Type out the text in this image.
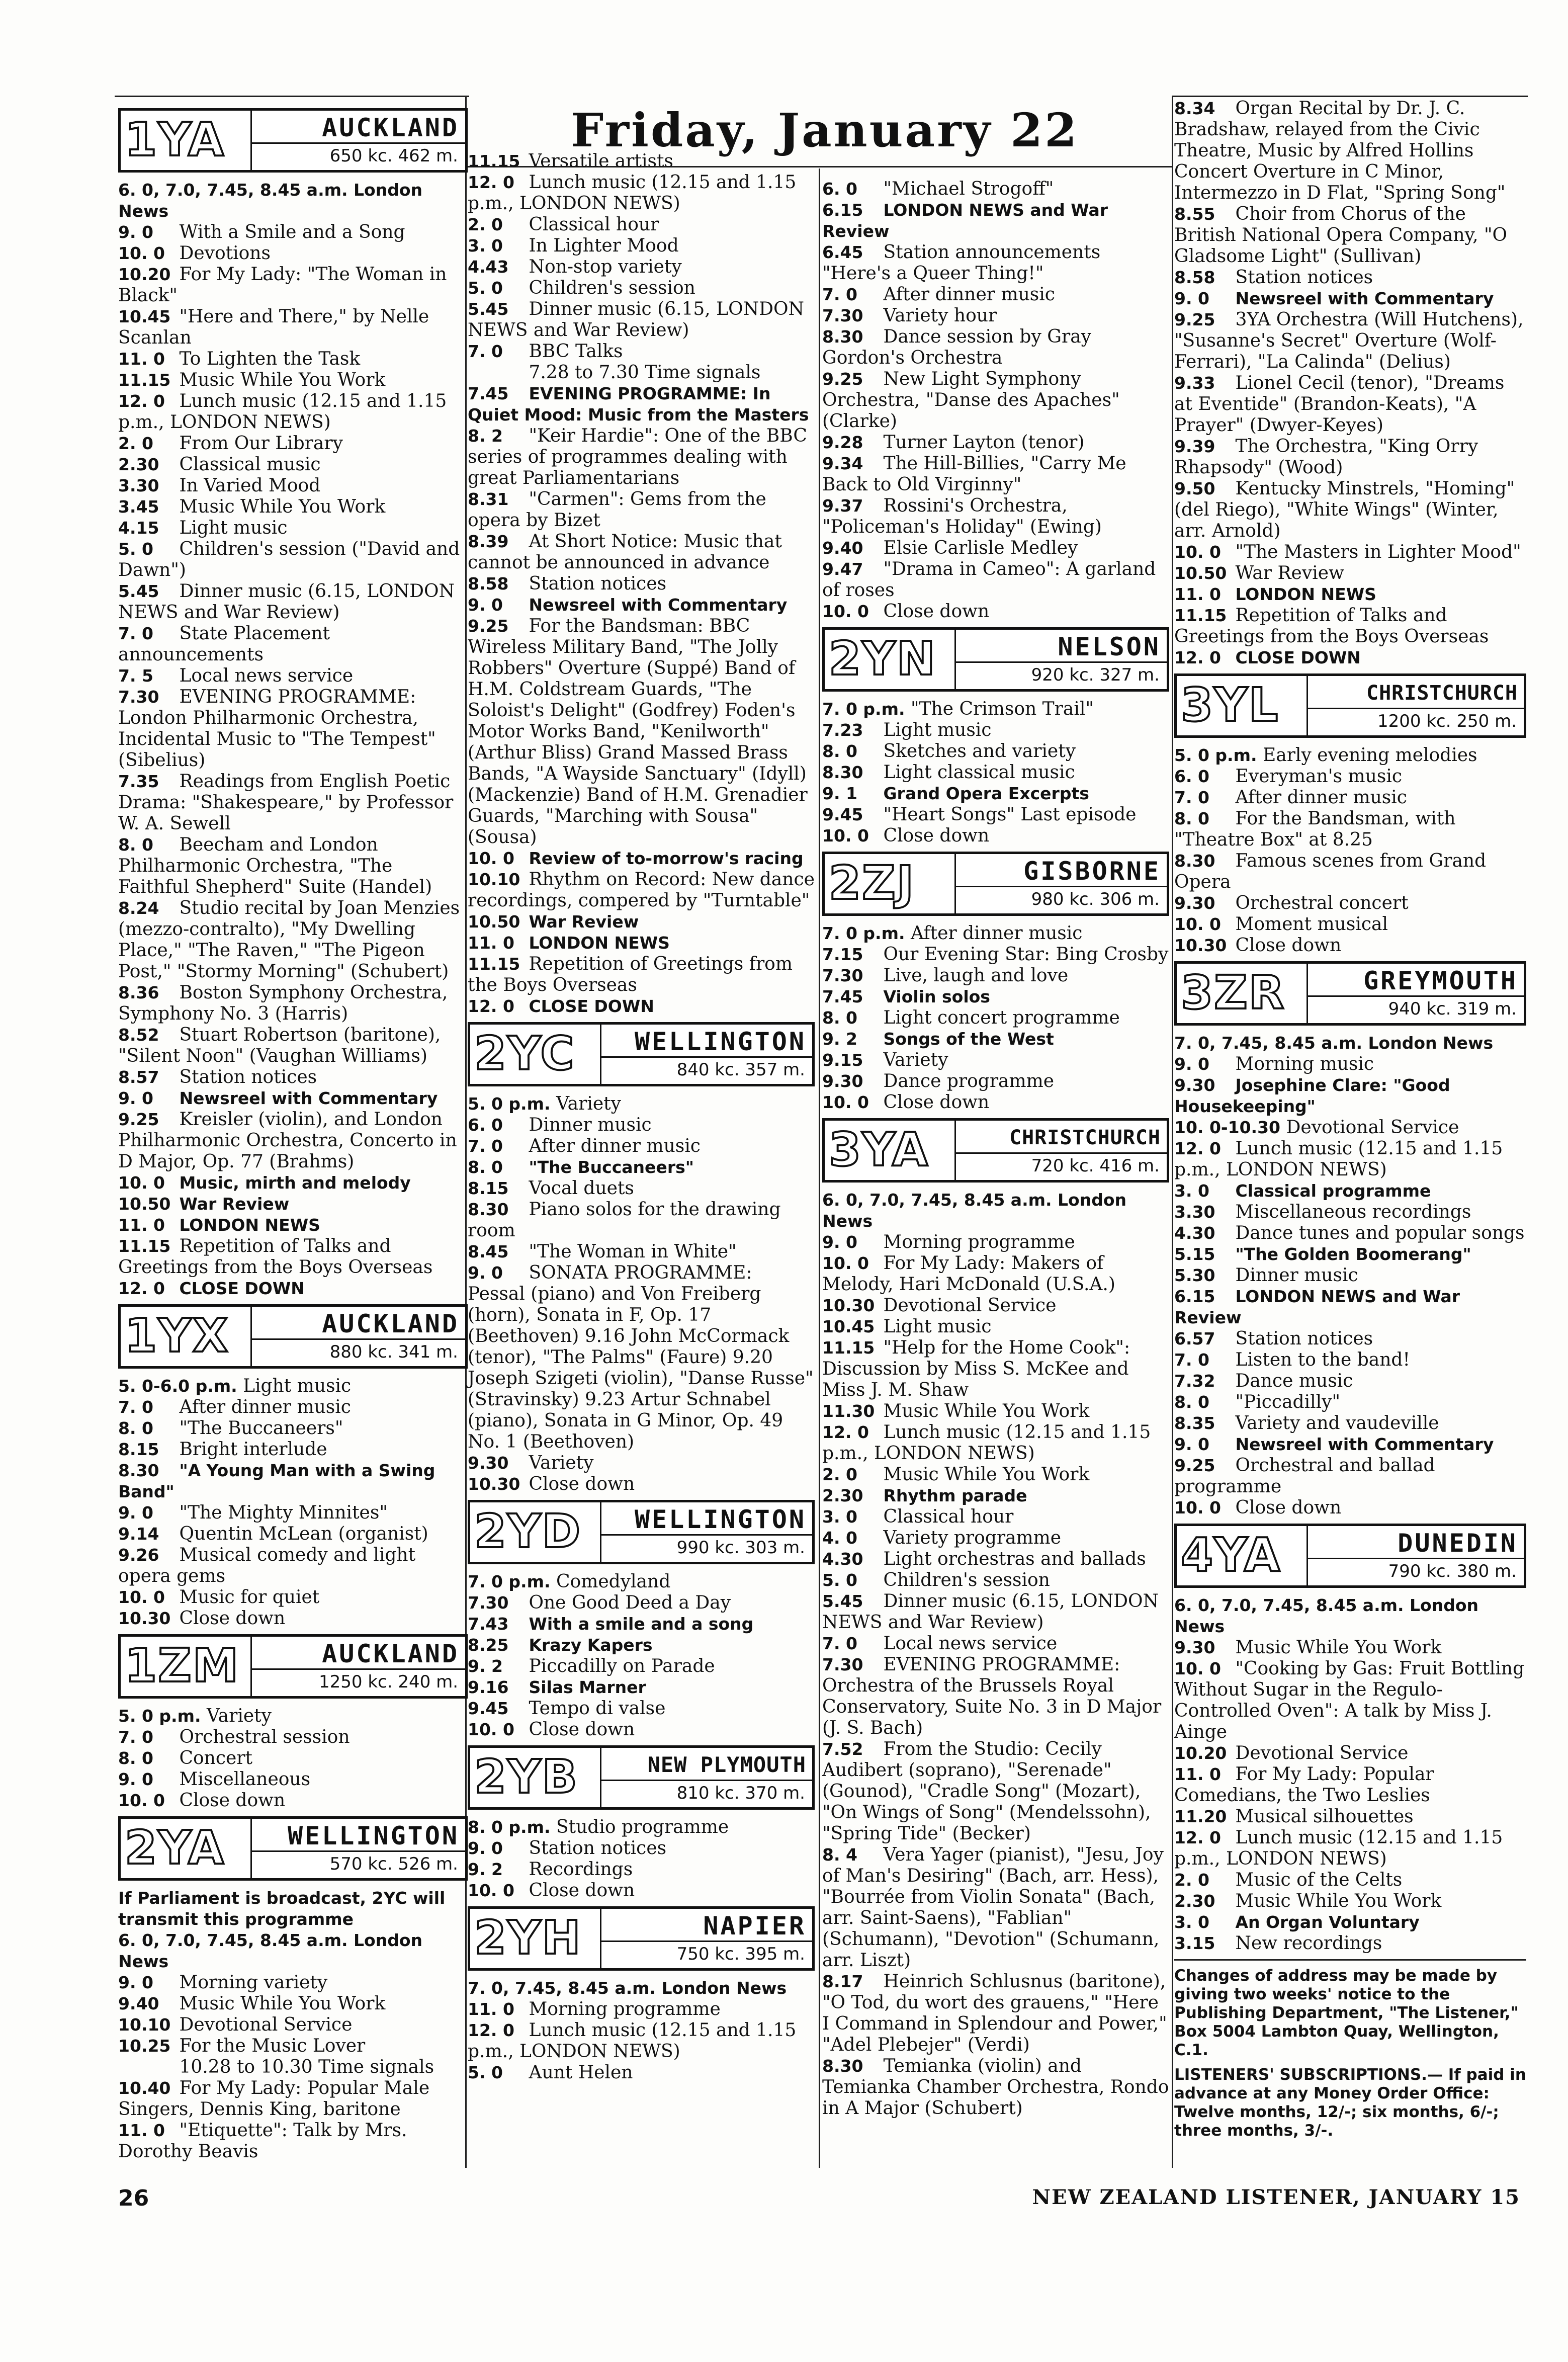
Friday, January 22
1YA	AUCKLAND
650 kc. 462 m.
6. 0, 7.0, 7.45, 8.45 a.m. London News
9. 0 With a Smile and a Song
10. 0 Devotions
10.20 For My Lady: "The Woman in Black"
10.45 "Here and There," by Nelle Scanlan
11. 0 To Lighten the Task
11.15 Music While You Work
12. 0 Lunch music (12.15 and 1.15 p.m., LONDON NEWS)
2. 0 From Our Library
2.30 Classical music
3.30 In Varied Mood
3.45 Music While You Work
4.15 Light music
5. 0 Children's session ("David and Dawn")
5.45 Dinner music (6.15, LONDON NEWS and War Review)
7. 0 State Placement announcements
7. 5 Local news service
7.30 EVENING PROGRAMME: London Philharmonic Orchestra, Incidental Music to "The Tempest" (Sibelius)
7.35 Readings from English Poetic Drama: "Shakespeare," by Professor W. A. Sewell
8. 0 Beecham and London Philharmonic Orchestra, "The Faithful Shepherd" Suite (Handel)
8.24 Studio recital by Joan Menzies (mezzo-contralto), "My Dwelling Place," "The Raven," "The Pigeon Post," "Stormy Morning" (Schubert)
8.36 Boston Symphony Orchestra, Symphony No. 3 (Harris)
8.52 Stuart Robertson (baritone), "Silent Noon" (Vaughan Williams)
8.57 Station notices
9. 0 Newsreel with Commentary
9.25 Kreisler (violin), and London Philharmonic Orchestra, Concerto in D Major, Op. 77 (Brahms)
10. 0 Music, mirth and melody
10.50 War Review
11. 0 LONDON NEWS
11.15 Repetition of Talks and Greetings from the Boys Overseas
12. 0 CLOSE DOWN
1YX	AUCKLAND
880 kc. 341 m.
5. 0-6.0 p.m. Light music
7. 0 After dinner music
8. 0 "The Buccaneers"
8.15 Bright interlude
8.30 "A Young Man with a Swing Band"
9. 0 "The Mighty Minnites"
9.14 Quentin McLean (organist)
9.26 Musical comedy and light opera gems
10. 0 Music for quiet
10.30 Close down
1ZM	AUCKLAND
1250 kc. 240 m.
5. 0 p.m. Variety
7. 0 Orchestral session
8. 0 Concert
9. 0 Miscellaneous
10. 0 Close down
2YA WELLINGTON
570 kc. 526 m.
If Parliament is broadcast, 2YC will transmit this programme
6. 0, 7.0, 7.45, 8.45 a.m. London News
9. 0 Morning variety
9.40 Music While You Work
10.10 Devotional Service
10.25 For the Music Lover
10.28 to 10.30 Time signals
10.40 For My Lady: Popular Male Singers, Dennis King, baritone
11. 0 "Etiquette": Talk by Mrs. Dorothy Beavis
11.15 Versatile artists
12. 0 Lunch music (12.15 and 1.15 p.m., LONDON NEWS)
2. 0 Classical hour
3. 0 In Lighter Mood
4.43 Non-stop variety
5. 0 Children's session
5.45 Dinner music (6.15, LONDON NEWS and War Review)
7. 0 BBC Talks
7.28 to 7.30 Time signals
7.45 EVENING PROGRAMME: In Quiet Mood: Music from the Masters
8. 2 "Keir Hardie": One of the BBC series of programmes dealing with great Parliamentarians
8.31 "Carmen": Gems from the opera by Bizet
8.39 At Short Notice: Music that cannot be announced in advance
8.58 Station notices
9. 0 Newsreel with Commentary
9.25 For the Bandsman: BBC Wireless Military Band, "The Jolly Robbers" Overture (Suppé) Band of H.M. Coldstream Guards, "The Soloist's Delight" (Godfrey) Foden's Motor Works Band, "Kenilworth" (Arthur Bliss) Grand Massed Brass Bands, "A Wayside Sanctuary" (Idyll) (Mackenzie) Band of H.M. Grenadier Guards, "Marching with Sousa" (Sousa)
10. 0 Review of to-morrow's racing
10.10 Rhythm on Record: New dance recordings, compered by "Turntable"
10.50 War Review
11. 0 LONDON NEWS
11.15 Repetition of Greetings from the Boys Overseas
12. 0 CLOSE DOWN
2YC WELLINGTON
840 kc. 357 m.
5. 0 p.m. Variety
6. 0 Dinner music
7. 0 After dinner music
8. 0 "The Buccaneers"
8.15 Vocal duets
8.30 Piano solos for the drawing room
8.45 "The Woman in White"
9. 0 SONATA PROGRAMME: Pessal (piano) and Von Freiberg (horn), Sonata in F, Op. 17 (Beethoven) 9.16 John McCormack (tenor), "The Palms" (Faure) 9.20 Joseph Szigeti (violin), "Danse Russe" (Stravinsky) 9.23 Artur Schnabel (piano), Sonata in G Minor, Op. 49 No. 1 (Beethoven)
9.30 Variety
10.30 Close down
2YD WELLINGTON
990 kc. 303 m.
7. 0 p.m. Comedyland
7.30 One Good Deed a Day
7.43 With a smile and a song
8.25 Krazy Kapers
9. 2 Piccadilly on Parade
9.16 Silas Marner
9.45 Tempo di valse
10. 0 Close down
2YB	NEW PLYMOUTH
810 kc. 370 m.
8. 0 p.m. Studio programme
9. 0 Station notices
9. 2 Recordings
10. 0 Close down
2YH	NAPIER
750 kc. 395 m.
7. 0, 7.45, 8.45 a.m. London News
11. 0 Morning programme
12. 0 Lunch music (12.15 and 1.15 p.m., LONDON NEWS)
5. 0 Aunt Helen
6. 0 "Michael Strogoff"
6.15 LONDON NEWS and War Review
6.45 Station announcements "Here's a Queer Thing!"
7. 0 After dinner music
7.30 Variety hour
8.30 Dance session by Gray Gordon's Orchestra
9.25 New Light Symphony Orchestra, "Danse des Apaches" (Clarke)
9.28 Turner Layton (tenor)
9.34 The Hill-Billies, "Carry Me Back to Old Virginny"
9.37 Rossini's Orchestra, "Policeman's Holiday" (Ewing)
9.40 Elsie Carlisle Medley
9.47 "Drama in Cameo": A garland of roses
10. 0 Close down
2YN	NELSON
920 kc. 327 m.
7. 0 p.m. "The Crimson Trail"
7.23 Light music
8. 0 Sketches and variety
8.30 Light classical music
9. 1 Grand Opera Excerpts
9.45 "Heart Songs" Last episode
10. 0 Close down
2ZJ	GISBORNE
980 kc. 306 m.
7. 0 p.m. After dinner music
7.15 Our Evening Star: Bing Crosby
7.30 Live, laugh and love
7.45 Violin solos
8. 0 Light concert programme
9. 2 Songs of the West
9.15 Variety
9.30 Dance programme
10. 0 Close down
3YA	CHRISTCHURCH
720 kc. 416 m.
6. 0, 7.0, 7.45, 8.45 a.m. London News
9. 0 Morning programme
10. 0 For My Lady: Makers of Melody, Hari McDonald (U.S.A.)
10.30 Devotional Service
10.45 Light music
11.15 "Help for the Home Cook": Discussion by Miss S. McKee and Miss J. M. Shaw
11.30 Music While You Work
12. 0 Lunch music (12.15 and 1.15 p.m., LONDON NEWS)
2. 0 Music While You Work
2.30 Rhythm parade
3. 0 Classical hour
4. 0 Variety programme
4.30 Light orchestras and ballads
5. 0 Children's session
5.45 Dinner music (6.15, LONDON NEWS and War Review)
7. 0 Local news service
7.30 EVENING PROGRAMME: Orchestra of the Brussels Royal Conservatory, Suite No. 3 in D Major (J. S. Bach)
7.52 From the Studio: Cecily Audibert (soprano), "Serenade" (Gounod), "Cradle Song" (Mozart), "On Wings of Song" (Mendelssohn), "Spring Tide" (Becker)
8. 4 Vera Yager (pianist), "Jesu, Joy of Man's Desiring" (Bach, arr. Hess), "Bourrée from Violin Sonata" (Bach, arr. Saint-Saens), "Fablian" (Schumann), "Devotion" (Schumann, arr. Liszt)
8.17 Heinrich Schlusnus (baritone), "O Tod, du wort des grauens," "Here I Command in Splendour and Power," "Adel Plebejer" (Verdi)
8.30 Temianka (violin) and Temianka Chamber Orchestra, Rondo in A Major (Schubert)
8.34 Organ Recital by Dr. J. C. Bradshaw, relayed from the Civic Theatre, Music by Alfred Hollins Concert Overture in C Minor, Intermezzo in D Flat, "Spring Song"
8.55 Choir from Chorus of the British National Opera Company, "O Gladsome Light" (Sullivan)
8.58 Station notices
9. 0 Newsreel with Commentary
9.25 3YA Orchestra (Will Hutchens), "Susanne's Secret" Overture (Wolf-Ferrari), "La Calinda" (Delius)
9.33 Lionel Cecil (tenor), "Dreams at Eventide" (Brandon-Keats), "A Prayer" (Dwyer-Keyes)
9.39 The Orchestra, "King Orry Rhapsody" (Wood)
9.50 Kentucky Minstrels, "Homing" (del Riego), "White Wings" (Winter, arr. Arnold)
10. 0 "The Masters in Lighter Mood"
10.50 War Review
11. 0 LONDON NEWS
11.15 Repetition of Talks and Greetings from the Boys Overseas
12. 0 CLOSE DOWN
3YL	CHRISTCHURCH
1200 kc. 250 m.
5. 0 p.m. Early evening melodies
6. 0 Everyman's music
7. 0 After dinner music
8. 0 For the Bandsman, with "Theatre Box" at 8.25
8.30 Famous scenes from Grand Opera
9.30 Orchestral concert
10. 0 Moment musical
10.30 Close down
3ZR	GREYMOUTH
940 kc. 319 m.
7. 0, 7.45, 8.45 a.m. London News
9. 0 Morning music
9.30 Josephine Clare: "Good Housekeeping"
10. 0-10.30 Devotional Service
12. 0 Lunch music (12.15 and 1.15 p.m., LONDON NEWS)
3. 0 Classical programme
3.30 Miscellaneous recordings
4.30 Dance tunes and popular songs
5.15 "The Golden Boomerang"
5.30 Dinner music
6.15 LONDON NEWS and War Review
6.57 Station notices
7. 0 Listen to the band!
7.32 Dance music
8. 0 "Piccadilly"
8.35 Variety and vaudeville
9. 0 Newsreel with Commentary
9.25 Orchestral and ballad programme
10. 0 Close down
4YA	DUNEDIN
790 kc. 380 m.
6. 0, 7.0, 7.45, 8.45 a.m. London News
9.30 Music While You Work
10. 0 "Cooking by Gas: Fruit Bottling Without Sugar in the Regulo-Controlled Oven": A talk by Miss J. Ainge
10.20 Devotional Service
11. 0 For My Lady: Popular Comedians, the Two Leslies
11.20 Musical silhouettes
12. 0 Lunch music (12.15 and 1.15 p.m., LONDON NEWS)
2. 0 Music of the Celts
2.30 Music While You Work
3. 0 An Organ Voluntary
3.15 New recordings
Changes of address may be made by giving two weeks' notice to the Publishing Department, "The Listener," Box 5004 Lambton Quay, Wellington, C.1.
LISTENERS' SUBSCRIPTIONS.— If paid in advance at any Money Order Office: Twelve months, 12/-; six months, 6/-; three months, 3/-.
26	NEW ZEALAND LISTENER, JANUARY 15
